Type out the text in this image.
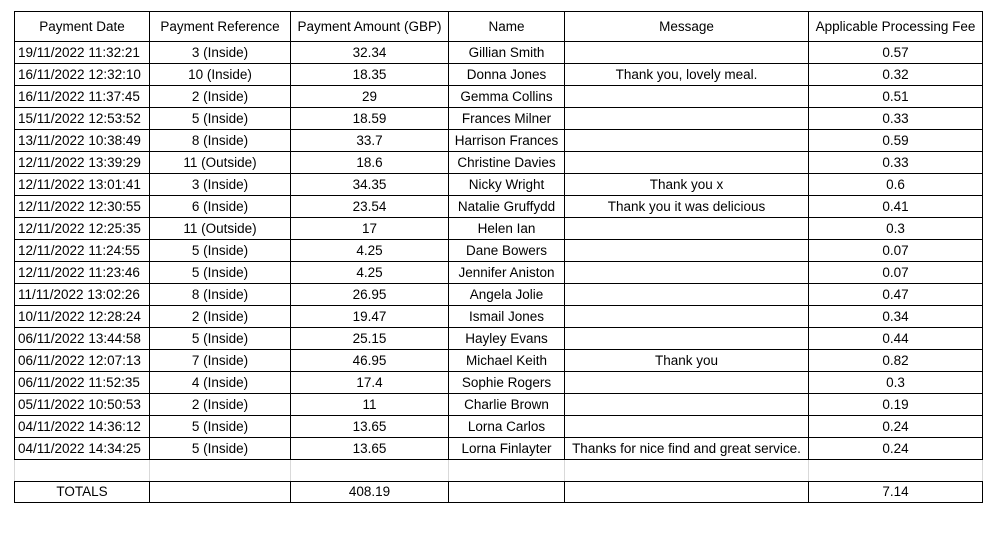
Payment Date	Payment Reference	Payment Amount (GBP)	Name	Message	Applicable Processing Fee
19/11/2022 11:32:21	3 (Inside)	32.34	Gillian Smith		0.57
16/11/2022 12:32:10	10 (Inside)	18.35	Donna Jones	Thank you, lovely meal.	0.32
16/11/2022 11:37:45	2 (Inside)	29	Gemma Collins		0.51
15/11/2022 12:53:52	5 (Inside)	18.59	Frances Milner		0.33
13/11/2022 10:38:49	8 (Inside)	33.7	Harrison Frances		0.59
12/11/2022 13:39:29	11 (Outside)	18.6	Christine Davies		0.33
12/11/2022 13:01:41	3 (Inside)	34.35	Nicky Wright	Thank you x	0.6
12/11/2022 12:30:55	6 (Inside)	23.54	Natalie Gruffydd	Thank you it was delicious	0.41
12/11/2022 12:25:35	11 (Outside)	17	Helen Ian		0.3
12/11/2022 11:24:55	5 (Inside)	4.25	Dane Bowers		0.07
12/11/2022 11:23:46	5 (Inside)	4.25	Jennifer Aniston		0.07
11/11/2022 13:02:26	8 (Inside)	26.95	Angela Jolie		0.47
10/11/2022 12:28:24	2 (Inside)	19.47	Ismail Jones		0.34
06/11/2022 13:44:58	5 (Inside)	25.15	Hayley Evans		0.44
06/11/2022 12:07:13	7 (Inside)	46.95	Michael Keith	Thank you	0.82
06/11/2022 11:52:35	4 (Inside)	17.4	Sophie Rogers		0.3
05/11/2022 10:50:53	2 (Inside)	11	Charlie Brown		0.19
04/11/2022 14:36:12	5 (Inside)	13.65	Lorna Carlos		0.24
04/11/2022 14:34:25	5 (Inside)	13.65	Lorna Finlayter	Thanks for nice find and great service.	0.24

TOTALS		408.19			7.14
